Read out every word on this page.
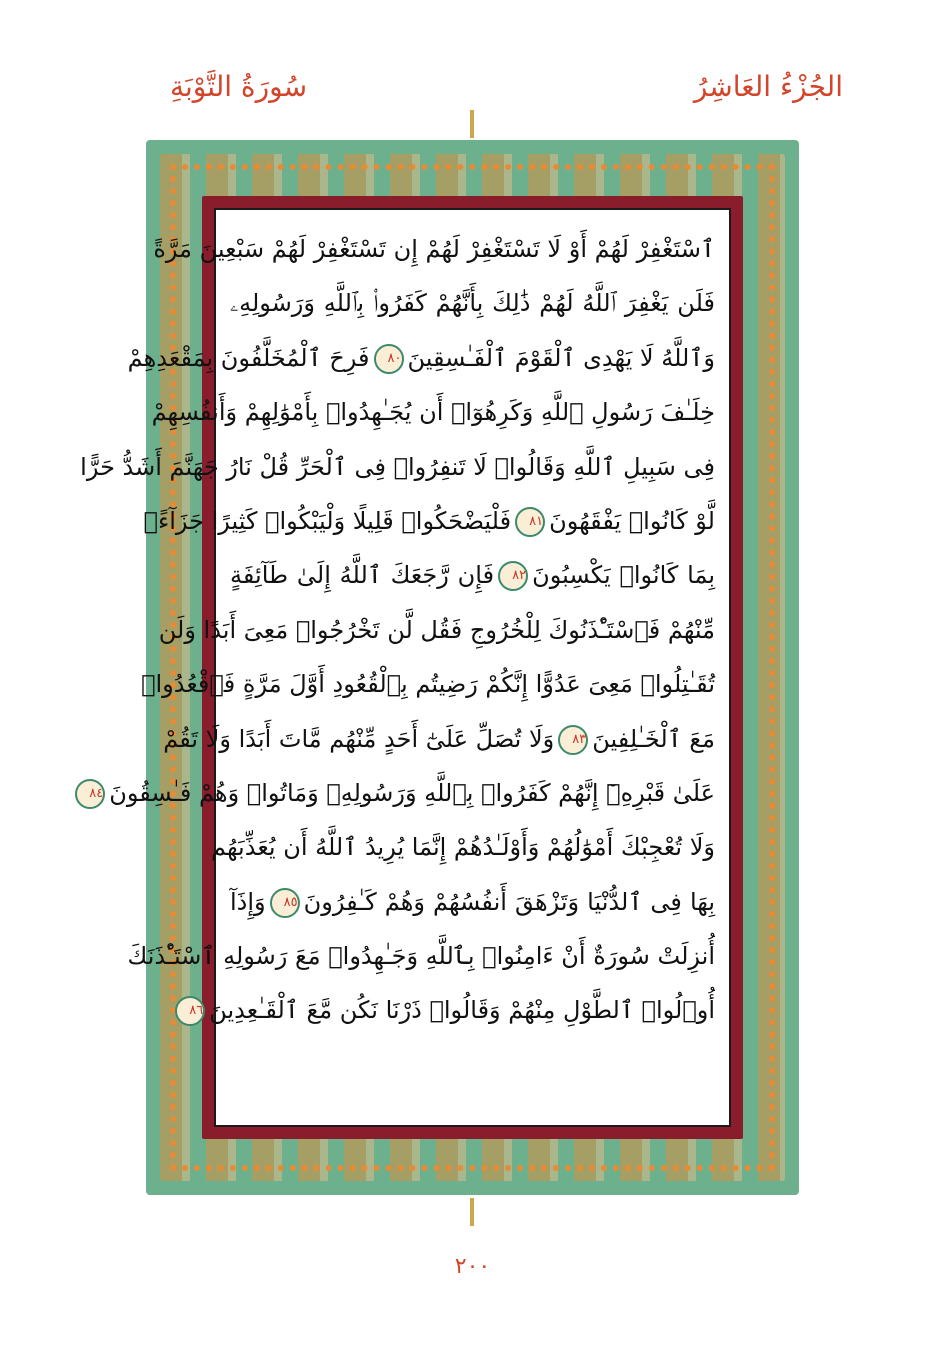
الجُزْءُ العَاشِرُ
سُورَةُ التَّوْبَةِ
ٱسْتَغْفِرْ لَهُمْ أَوْ لَا تَسْتَغْفِرْ لَهُمْ إِن تَسْتَغْفِرْ لَهُمْ سَبْعِينَ مَرَّةً
فَلَن يَغْفِرَ ٱللَّهُ لَهُمْ ذَٰلِكَ بِأَنَّهُمْ كَفَرُوا۟ بِٱللَّهِ وَرَسُولِهِۦ
وَٱللَّهُ لَا يَهْدِى ٱلْقَوْمَ ٱلْفَـٰسِقِينَ٨٠فَرِحَ ٱلْمُخَلَّفُونَ بِمَقْعَدِهِمْ
خِلَـٰفَ رَسُولِ ٱللَّهِ وَكَرِهُوٓا۟ أَن يُجَـٰهِدُوا۟ بِأَمْوَٰلِهِمْ وَأَنفُسِهِمْ
فِى سَبِيلِ ٱللَّهِ وَقَالُوا۟ لَا تَنفِرُوا۟ فِى ٱلْحَرِّ قُلْ نَارُ جَهَنَّمَ أَشَدُّ حَرًّا
لَّوْ كَانُوا۟ يَفْقَهُونَ٨١فَلْيَضْحَكُوا۟ قَلِيلًا وَلْيَبْكُوا۟ كَثِيرًا جَزَآءًۢ
بِمَا كَانُوا۟ يَكْسِبُونَ٨٢فَإِن رَّجَعَكَ ٱللَّهُ إِلَىٰ طَآئِفَةٍ
مِّنْهُمْ فَٱسْتَـْٔذَنُوكَ لِلْخُرُوجِ فَقُل لَّن تَخْرُجُوا۟ مَعِىَ أَبَدًا وَلَن
تُقَـٰتِلُوا۟ مَعِىَ عَدُوًّا إِنَّكُمْ رَضِيتُم بِٱلْقُعُودِ أَوَّلَ مَرَّةٍ فَٱقْعُدُوا۟
مَعَ ٱلْخَـٰلِفِينَ٨٣وَلَا تُصَلِّ عَلَىٰٓ أَحَدٍ مِّنْهُم مَّاتَ أَبَدًا وَلَا تَقُمْ
عَلَىٰ قَبْرِهِۦٓ إِنَّهُمْ كَفَرُوا۟ بِٱللَّهِ وَرَسُولِهِۦ وَمَاتُوا۟ وَهُمْ فَـٰسِقُونَ٨٤
وَلَا تُعْجِبْكَ أَمْوَٰلُهُمْ وَأَوْلَـٰدُهُمْ إِنَّمَا يُرِيدُ ٱللَّهُ أَن يُعَذِّبَهُم
بِهَا فِى ٱلدُّنْيَا وَتَزْهَقَ أَنفُسُهُمْ وَهُمْ كَـٰفِرُونَ٨٥وَإِذَآ
أُنزِلَتْ سُورَةٌ أَنْ ءَامِنُوا۟ بِٱللَّهِ وَجَـٰهِدُوا۟ مَعَ رَسُولِهِ ٱسْتَـْٔذَنَكَ
أُو۟لُوا۟ ٱلطَّوْلِ مِنْهُمْ وَقَالُوا۟ ذَرْنَا نَكُن مَّعَ ٱلْقَـٰعِدِينَ٨٦
٢٠٠
